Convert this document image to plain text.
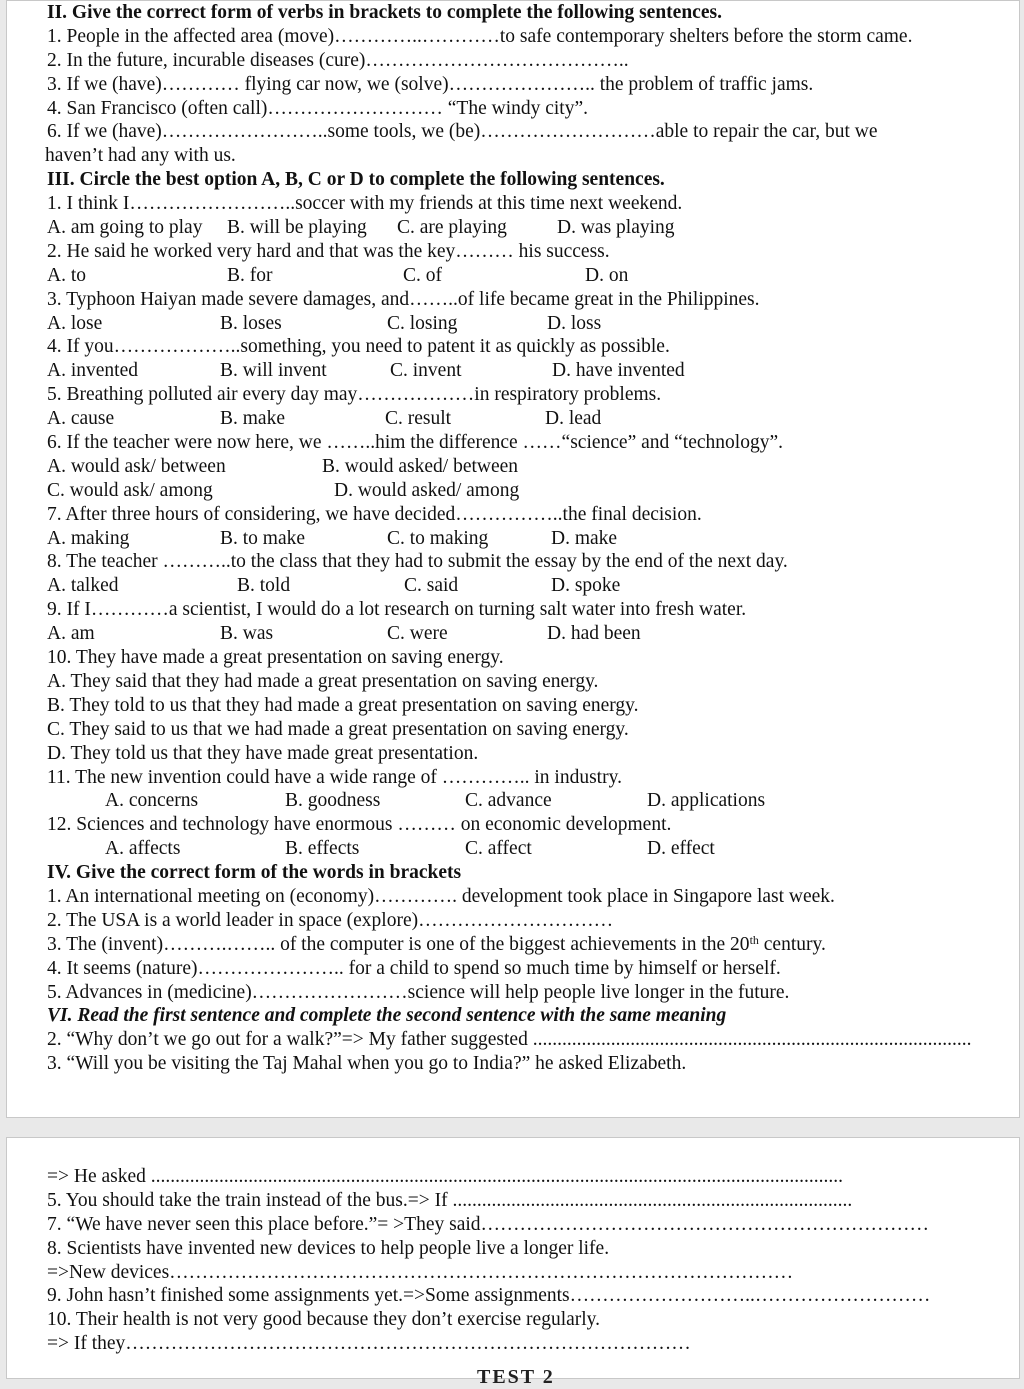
II. Give the correct form of verbs in brackets to complete the following sentences.
1. People in the affected area (move)…………..…………to safe contemporary shelters before the storm came.
2. In the future, incurable diseases (cure)…………………………………..
3. If we (have)………… flying car now, we (solve)………………….. the problem of traffic jams.
4. San Francisco (often call)……………………… “The windy city”.
6. If we (have)……………………..some tools, we (be)………………………able to repair the car, but we
haven’t had any with us.
III. Circle the best option A, B, C or D to complete the following sentences.
1. I think I……………………..soccer with my friends at this time next weekend.
A. am going to play	B. will be playing	C. are playing	D. was playing
2. He said he worked very hard and that was the key……… his success.
A. to	B. for	C. of	D. on
3. Typhoon Haiyan made severe damages, and……..of life became great in the Philippines.
A. lose	B. loses	C. losing	D. loss
4. If you………………..something, you need to patent it as quickly as possible.
A. invented	B. will invent	C. invent	D. have invented
5. Breathing polluted air every day may………………in respiratory problems.
A. cause	B. make	C. result	D. lead
6. If the teacher were now here, we ……..him the difference ……“science” and “technology”.
A. would ask/ between	B. would asked/ between
C. would ask/ among	D. would asked/ among
7. After three hours of considering, we have decided……………..the final decision.
A. making	B. to make	C. to making	D. make
8. The teacher ………..to the class that they had to submit the essay by the end of the next day.
A. talked	B. told	C. said	D. spoke
9. If I…………a scientist, I would do a lot research on turning salt water into fresh water.
A. am	B. was	C. were	D. had been
10. They have made a great presentation on saving energy.
A. They said that they had made a great presentation on saving energy.
B. They told to us that they had made a great presentation on saving energy.
C. They said to us that we had made a great presentation on saving energy.
D. They told us that they have made great presentation.
11. The new invention could have a wide range of ………….. in industry.
A. concerns	B. goodness	C. advance	D. applications
12. Sciences and technology have enormous ……… on economic development.
A. affects	B. effects	C. affect	D. effect
IV. Give the correct form of the words in brackets
1. An international meeting on (economy)…………. development took place in Singapore last week.
2. The USA is a world leader in space (explore)…………………………
3. The (invent)……….…….. of the computer is one of the biggest achievements in the 20th century.
4. It seems (nature)………………….. for a child to spend so much time by himself or herself.
5. Advances in (medicine)……………………science will help people live longer in the future.
VI. Read the first sentence and complete the second sentence with the same meaning
2. “Why don’t we go out for a walk?”=> My father suggested ..........................................................................................
3. “Will you be visiting the Taj Mahal when you go to India?” he asked Elizabeth.
=> He asked ..............................................................................................................................................
5. You should take the train instead of the bus.=> If ..................................................................................
7. “We have never seen this place before.”= >They said……………………………………………………………
8. Scientists have invented new devices to help people live a longer life.
=>New devices……………………………………………………………………………………
9. John hasn’t finished some assignments yet.=>Some assignments………………………..………………………
10. Their health is not very good because they don’t exercise regularly.
=> If they……………………………………………………………………………
TEST 2
